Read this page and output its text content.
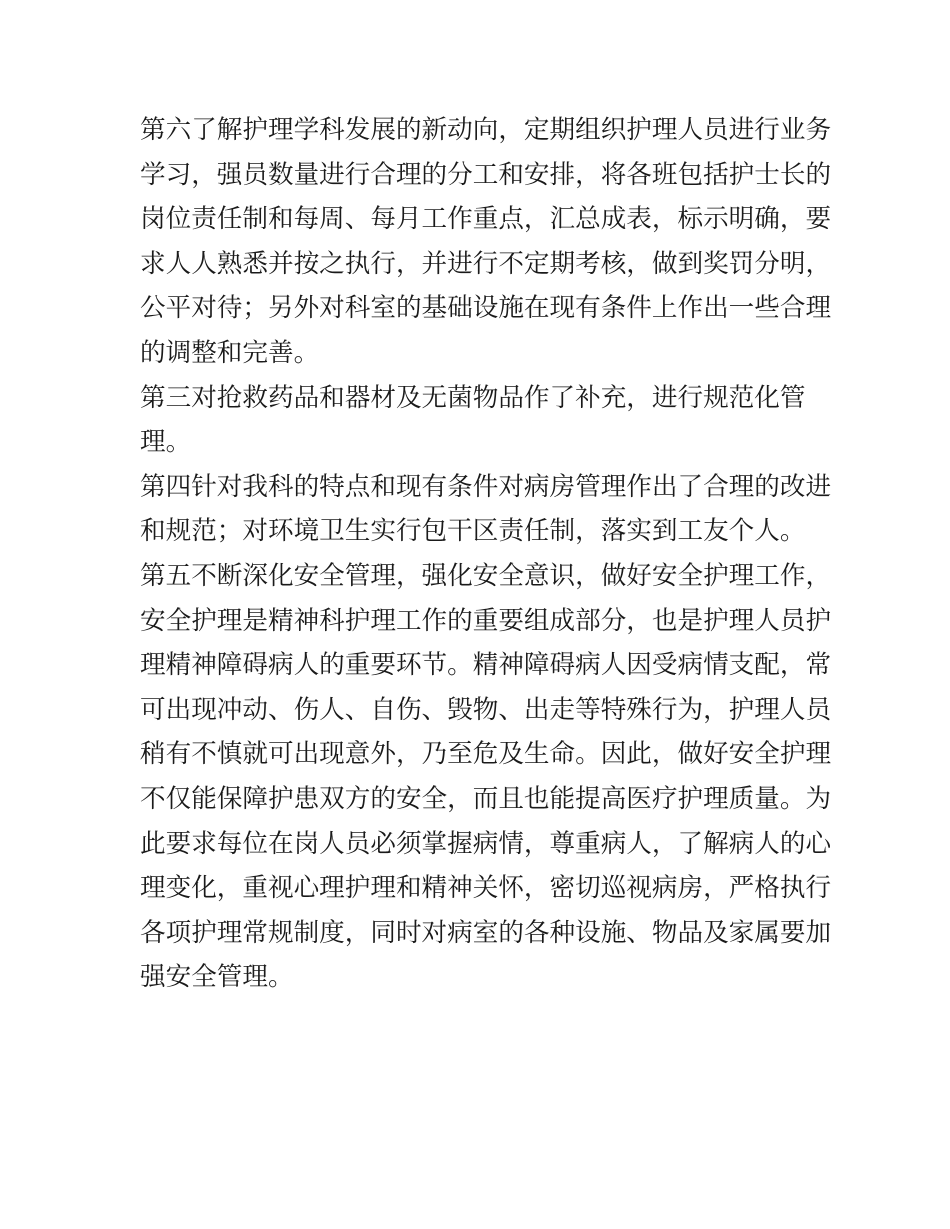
第六了解护理学科发展的新动向，定期组织护理人员进行业务
学习，强员数量进行合理的分工和安排，将各班包括护士长的
岗位责任制和每周、每月工作重点，汇总成表，标示明确，要
求人人熟悉并按之执行，并进行不定期考核，做到奖罚分明，
公平对待；另外对科室的基础设施在现有条件上作出一些合理
的调整和完善。
第三对抢救药品和器材及无菌物品作了补充，进行规范化管
理。
第四针对我科的特点和现有条件对病房管理作出了合理的改进
和规范；对环境卫生实行包干区责任制，落实到工友个人。
第五不断深化安全管理，强化安全意识，做好安全护理工作，
安全护理是精神科护理工作的重要组成部分，也是护理人员护
理精神障碍病人的重要环节。精神障碍病人因受病情支配，常
可出现冲动、伤人、自伤、毁物、出走等特殊行为，护理人员
稍有不慎就可出现意外，乃至危及生命。因此，做好安全护理
不仅能保障护患双方的安全，而且也能提高医疗护理质量。为
此要求每位在岗人员必须掌握病情，尊重病人，了解病人的心
理变化，重视心理护理和精神关怀，密切巡视病房，严格执行
各项护理常规制度，同时对病室的各种设施、物品及家属要加
强安全管理。
